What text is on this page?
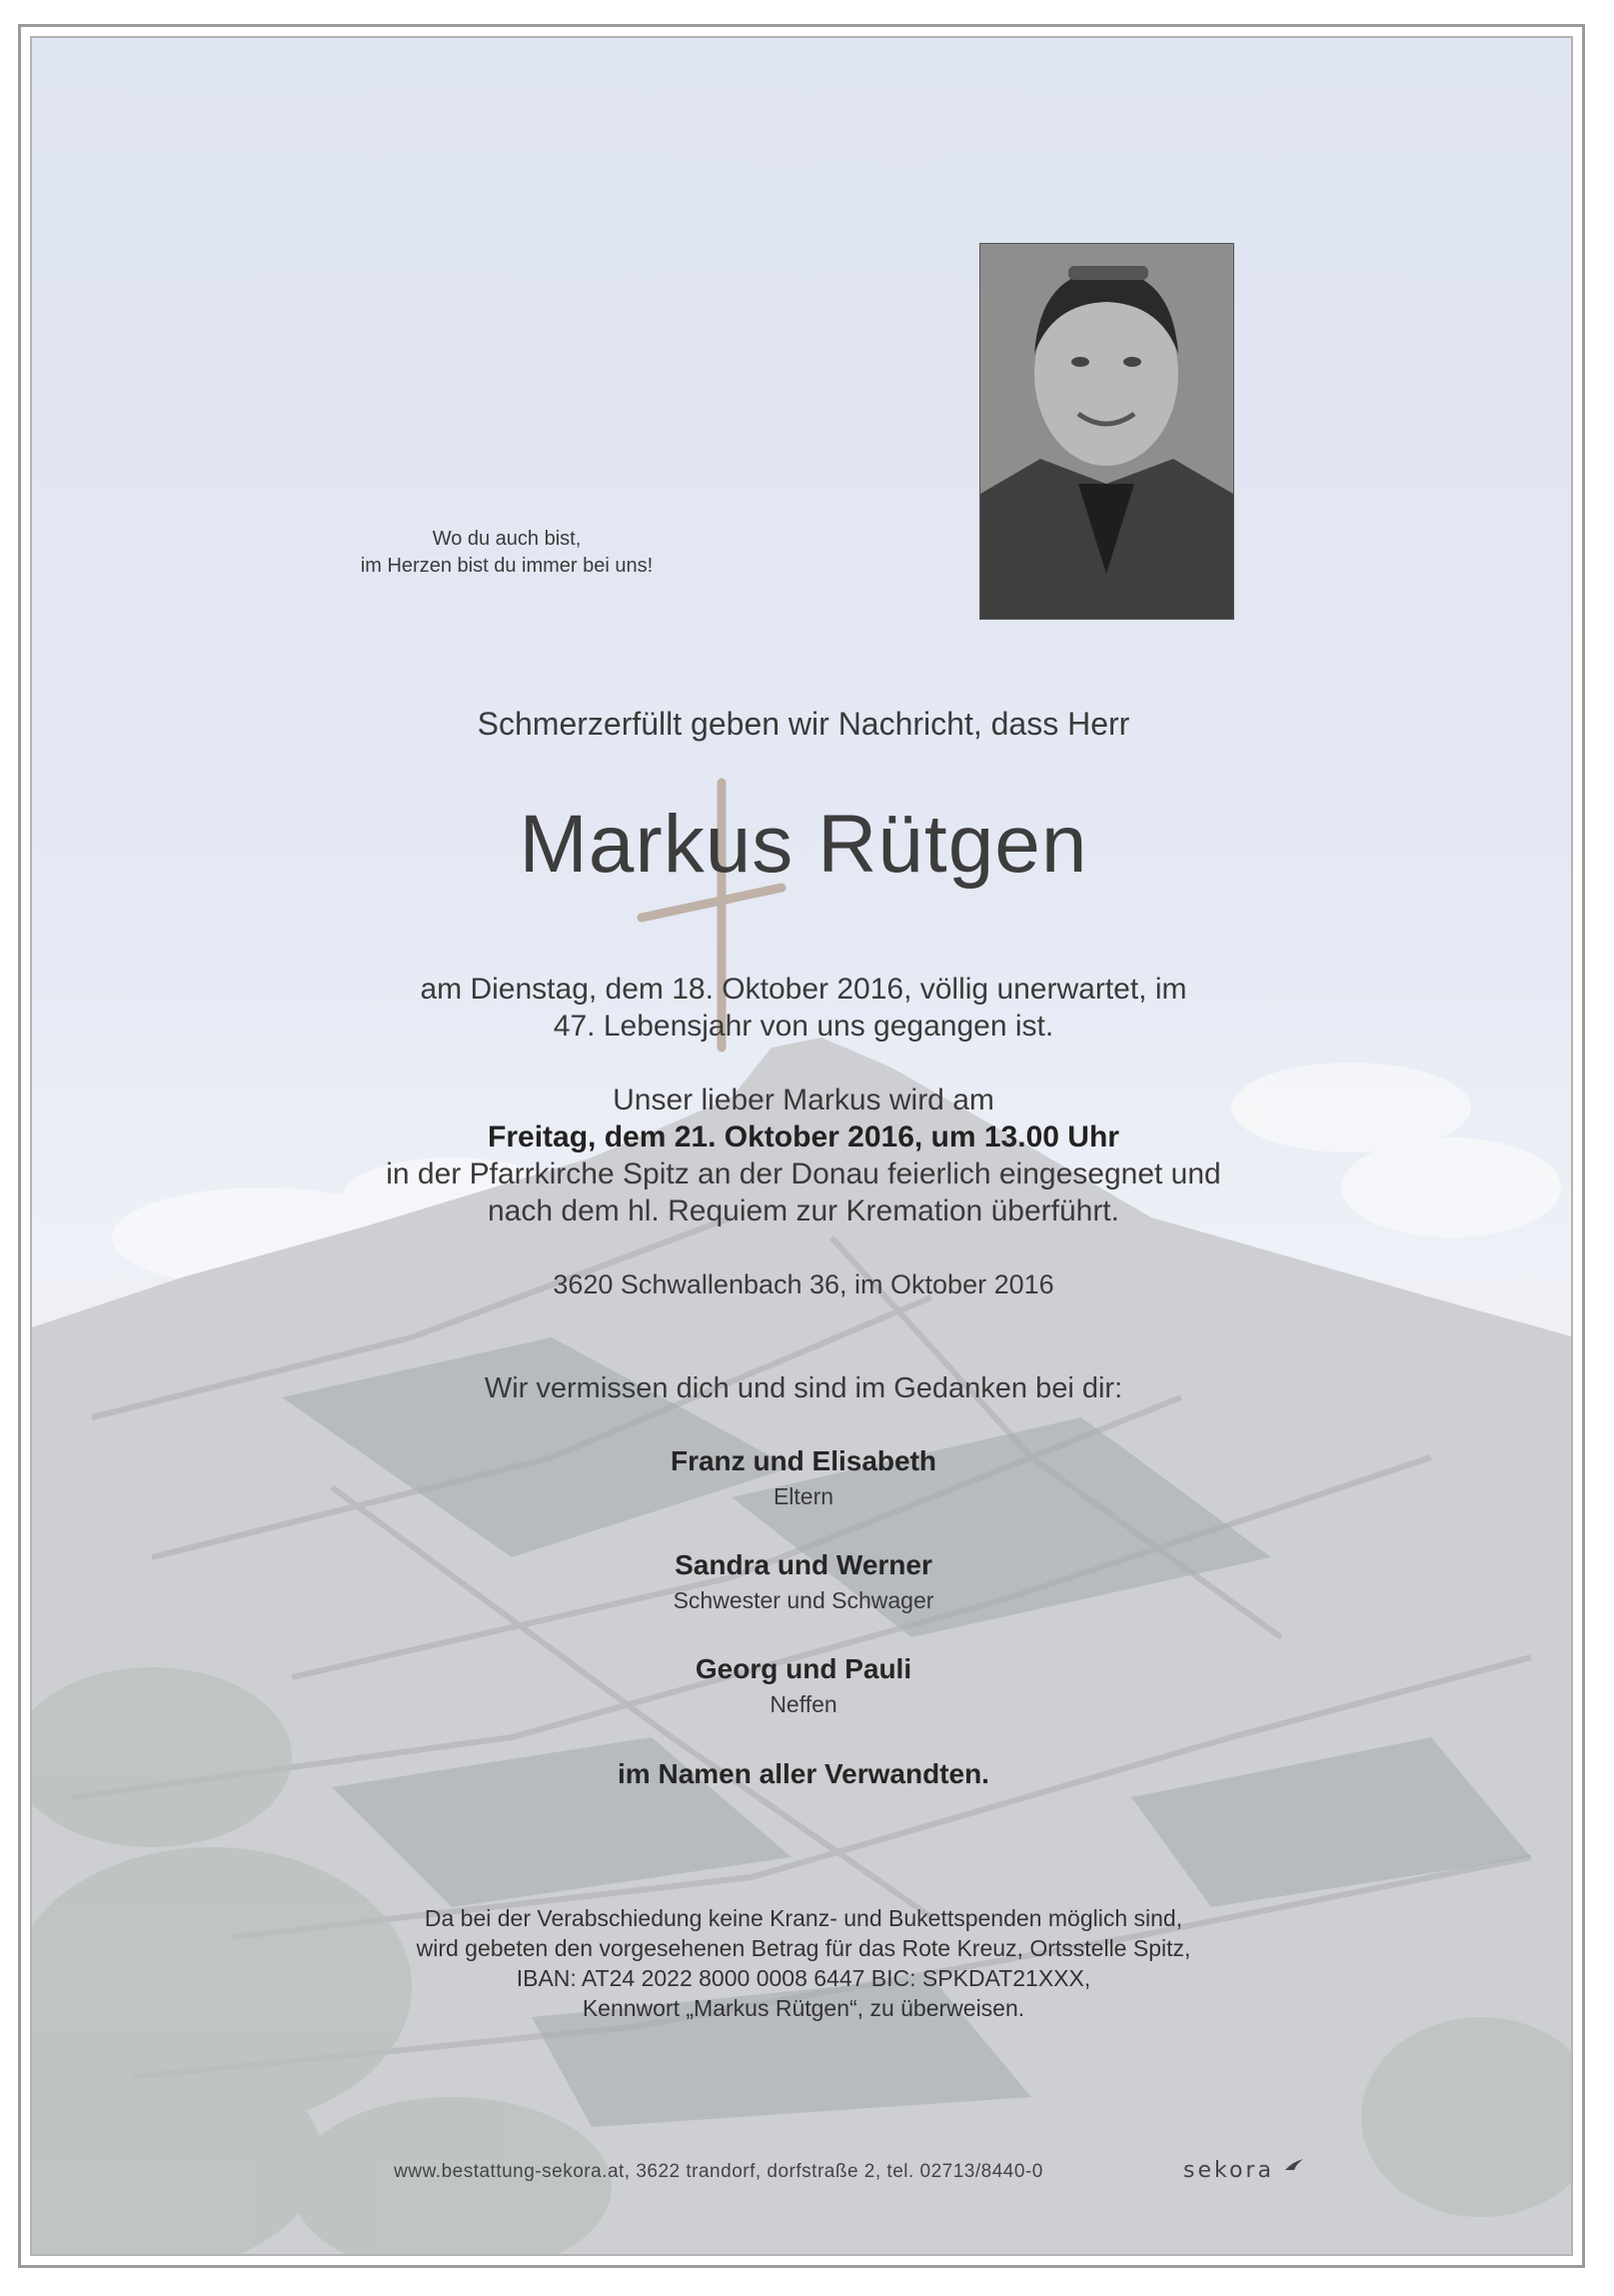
Wo du auch bist,
im Herzen bist du immer bei uns!
Schmerzerfüllt geben wir Nachricht, dass Herr
Markus Rütgen
am Dienstag, dem 18. Oktober 2016, völlig unerwartet, im
47. Lebensjahr von uns gegangen ist.
Unser lieber Markus wird am
Freitag, dem 21. Oktober 2016, um 13.00 Uhr
in der Pfarrkirche Spitz an der Donau feierlich eingesegnet und
nach dem hl. Requiem zur Kremation überführt.
3620 Schwallenbach 36, im Oktober 2016
Wir vermissen dich und sind im Gedanken bei dir:
Franz und Elisabeth
Eltern
Sandra und Werner
Schwester und Schwager
Georg und Pauli
Neffen
im Namen aller Verwandten.
Da bei der Verabschiedung keine Kranz- und Bukettspenden möglich sind,
wird gebeten den vorgesehenen Betrag für das Rote Kreuz, Ortsstelle Spitz,
IBAN: AT24 2022 8000 0008 6447 BIC: SPKDAT21XXX,
Kennwort „Markus Rütgen“, zu überweisen.
www.bestattung-sekora.at, 3622 trandorf, dorfstraße 2, tel. 02713/8440-0	sekora
